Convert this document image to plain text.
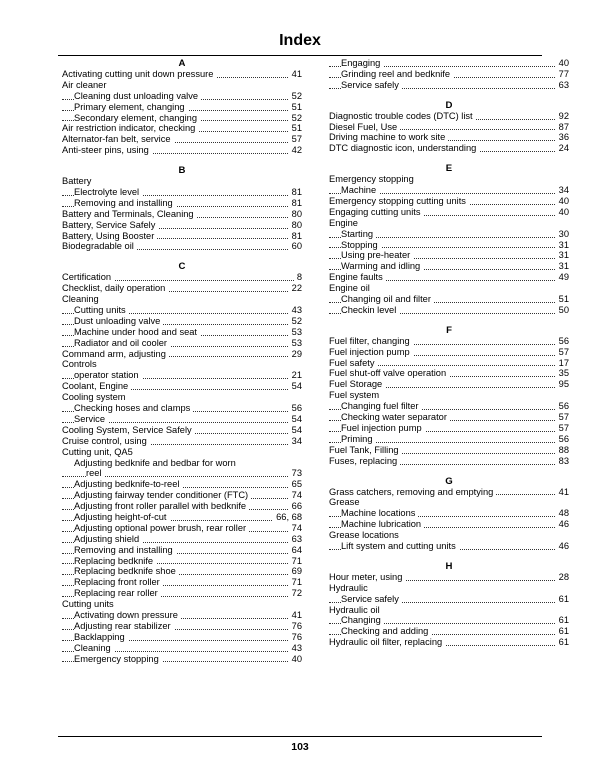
Index
A
Activating cutting unit down pressure	41
Air cleaner
Cleaning dust unloading valve	52
Primary element, changing	51
Secondary element, changing	52
Air restriction indicator, checking	51
Alternator-fan belt, service	57
Anti-steer pins, using	42
B
Battery
Electrolyte level	81
Removing and installing	81
Battery and Terminals, Cleaning	80
Battery, Service Safely	80
Battery, Using Booster	81
Biodegradable oil	60
C
Certification	8
Checklist, daily operation	22
Cleaning
Cutting units	43
Dust unloading valve	52
Machine under hood and seat	53
Radiator and oil cooler	53
Command arm, adjusting	29
Controls
operator station	21
Coolant, Engine	54
Cooling system
Checking hoses and clamps	56
Service	54
Cooling System, Service Safely	54
Cruise control, using	34
Cutting unit, QA5
Adjusting bedknife and bedbar for worn
reel	73
Adjusting bedknife-to-reel	65
Adjusting fairway tender conditioner (FTC)	74
Adjusting front roller parallel with bedknife	66
Adjusting height-of-cut	66, 68
Adjusting optional power brush, rear roller	74
Adjusting shield	63
Removing and installing	64
Replacing bedknife	71
Replacing bedknife shoe	69
Replacing front roller	71
Replacing rear roller	72
Cutting units
Activating down pressure	41
Adjusting rear stabilizer	76
Backlapping	76
Cleaning	43
Emergency stopping	40
Engaging	40
Grinding reel and bedknife	77
Service safely	63
D
Diagnostic trouble codes (DTC) list	92
Diesel Fuel, Use	87
Driving machine to work site	36
DTC diagnostic icon, understanding	24
E
Emergency stopping
Machine	34
Emergency stopping cutting units	40
Engaging cutting units	40
Engine
Starting	30
Stopping	31
Using pre-heater	31
Warming and idling	31
Engine faults	49
Engine oil
Changing oil and filter	51
Checkin level	50
F
Fuel filter, changing	56
Fuel injection pump	57
Fuel safety	17
Fuel shut-off valve operation	35
Fuel Storage	95
Fuel system
Changing fuel filter	56
Checking water separator	57
Fuel injection pump	57
Priming	56
Fuel Tank, Filling	88
Fuses, replacing	83
G
Grass catchers, removing and emptying	41
Grease
Machine locations	48
Machine lubrication	46
Grease locations
Lift system and cutting units	46
H
Hour meter, using	28
Hydraulic
Service safely	61
Hydraulic oil
Changing	61
Checking and adding	61
Hydraulic oil filter, replacing	61
103
